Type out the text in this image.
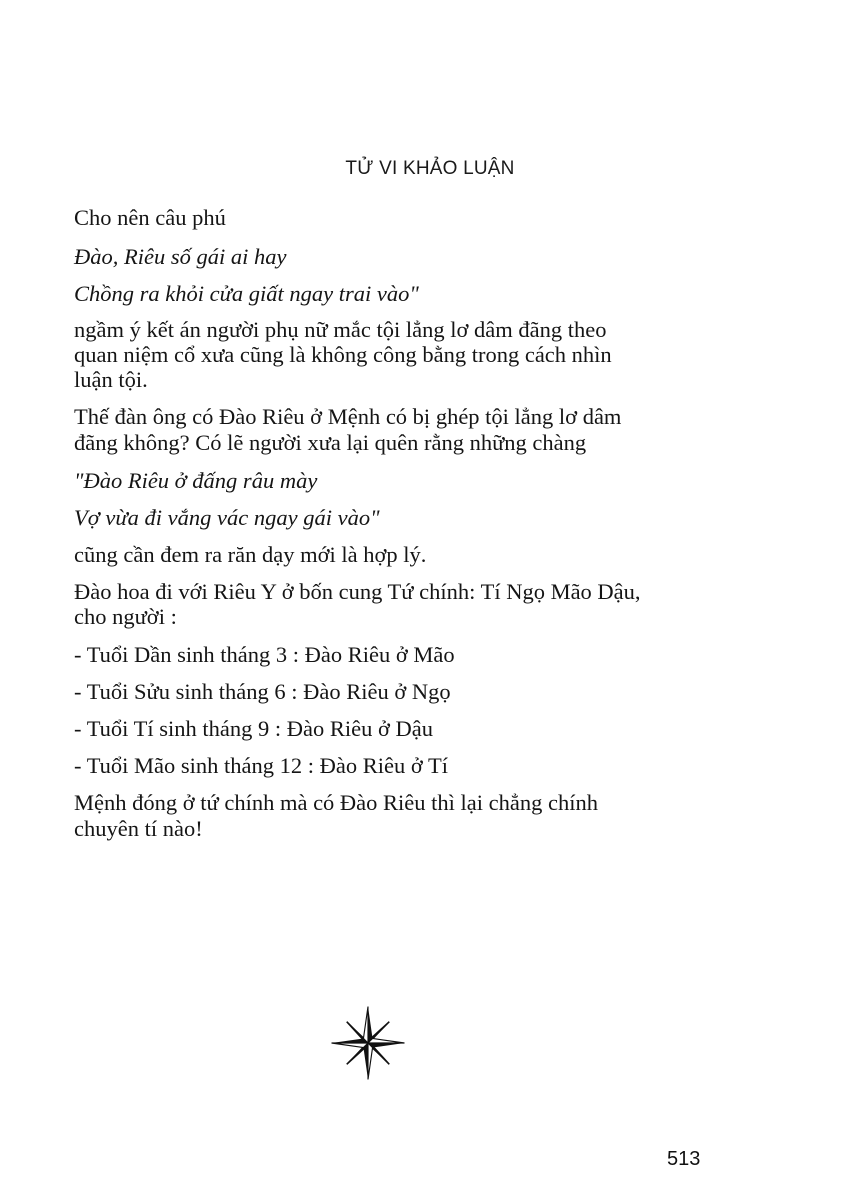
TỬ VI KHẢO LUẬN
Cho nên câu phú
Đào, Riêu số gái ai hay
Chồng ra khỏi cửa giất ngay trai vào"
ngầm ý kết án người phụ nữ mắc tội lẳng lơ dâm đãng theo
quan niệm cổ xưa cũng là không công bằng trong cách nhìn
luận tội.
Thế đàn ông có Đào Riêu ở Mệnh có bị ghép tội lẳng lơ dâm
đãng không? Có lẽ người xưa lại quên rằng những chàng
"Đào Riêu ở đấng râu mày
Vợ vừa đi vắng vác ngay gái vào"
cũng cần đem ra răn dạy mới là hợp lý.
Đào hoa đi với Riêu Y ở bốn cung Tứ chính: Tí Ngọ Mão Dậu,
cho người :
- Tuổi Dần sinh tháng 3 : Đào Riêu ở Mão
- Tuổi Sửu sinh tháng 6 : Đào Riêu ở Ngọ
- Tuổi Tí sinh tháng 9 : Đào Riêu ở Dậu
- Tuổi Mão sinh tháng 12 : Đào Riêu ở Tí
Mệnh đóng ở tứ chính mà có Đào Riêu thì lại chẳng chính
chuyên tí nào!
513
